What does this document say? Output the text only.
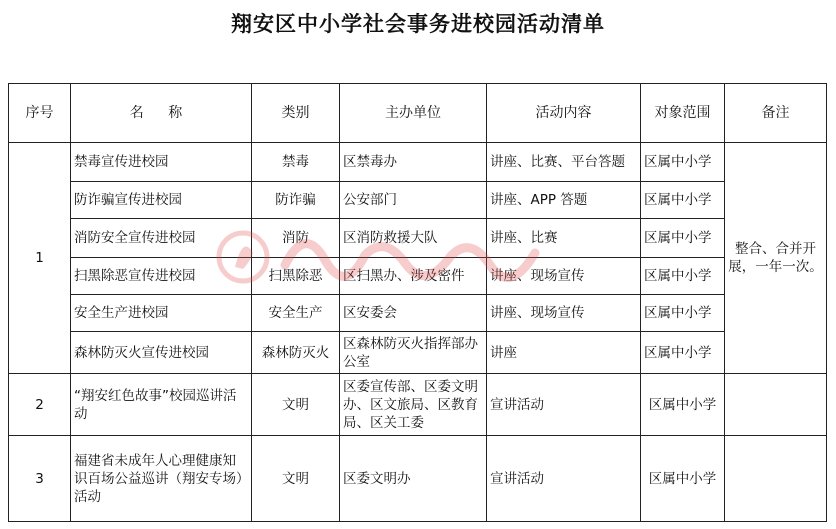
翔安区中小学社会事务进校园活动清单
序号	名 称	类别	主办单位	活动内容	对象范围	备注
1	禁毒宣传进校园	禁毒	区禁毒办	讲座、比赛、平台答题	区属中小学	整合、合并开展，一年一次。
	防诈骗宣传进校园	防诈骗	公安部门	讲座、APP 答题	区属中小学	
	消防安全宣传进校园	消防	区消防救援大队	讲座、比赛	区属中小学	
	扫黑除恶宣传进校园	扫黑除恶	区扫黑办、涉及密件	讲座、现场宣传	区属中小学	
	安全生产进校园	安全生产	区安委会	讲座、现场宣传	区属中小学	
	森林防灭火宣传进校园	森林防灭火	区森林防灭火指挥部办公室	讲座	区属中小学	
2	“翔安红色故事”校园巡讲活动	文明	区委宣传部、区委文明办、区文旅局、区教育局、区关工委	宣讲活动	区属中小学	
3	福建省未成年人心理健康知识百场公益巡讲（翔安专场）活动	文明	区委文明办	宣讲活动	区属中小学	
